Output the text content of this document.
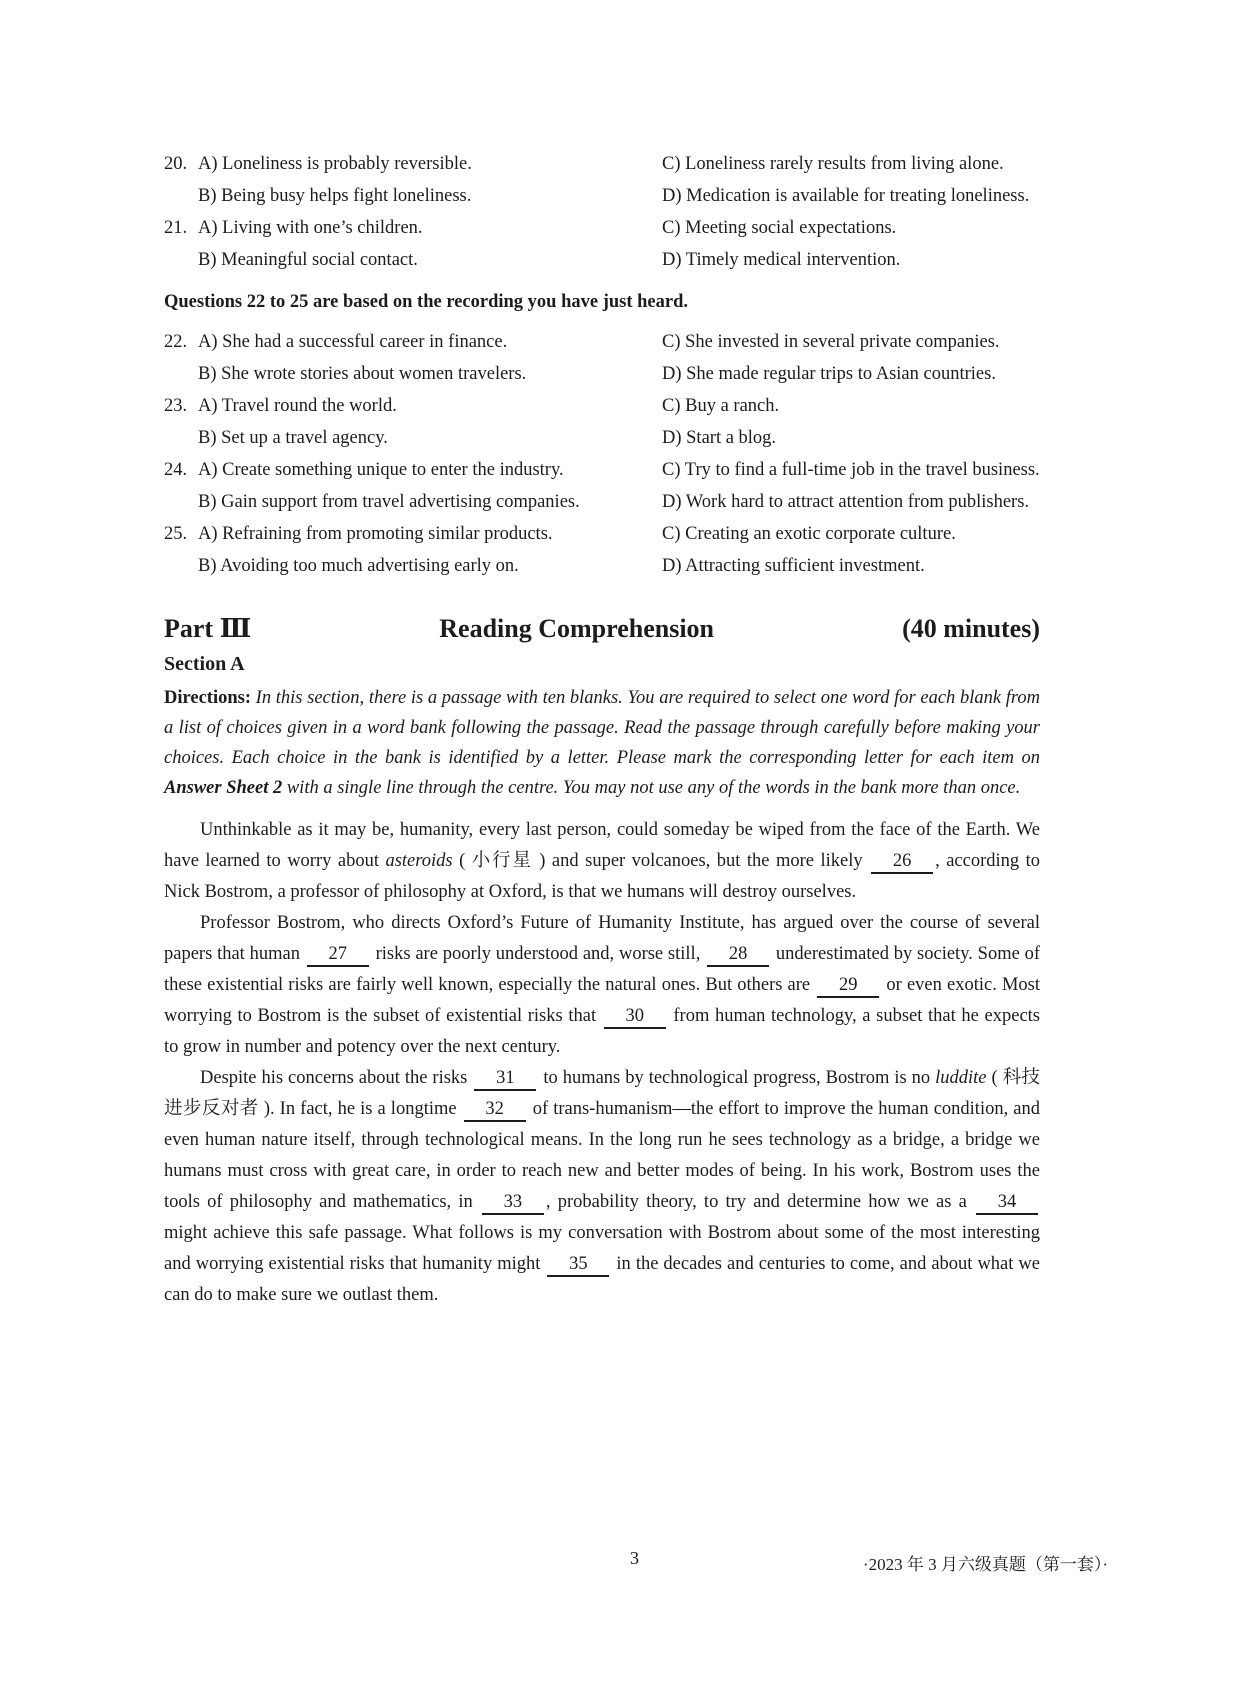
20. A) Loneliness is probably reversible.	C) Loneliness rarely results from living alone.
B) Being busy helps fight loneliness.	D) Medication is available for treating loneliness.
21. A) Living with one’s children.	C) Meeting social expectations.
B) Meaningful social contact.	D) Timely medical intervention.

Questions 22 to 25 are based on the recording you have just heard.

22. A) She had a successful career in finance.	C) She invested in several private companies.
B) She wrote stories about women travelers.	D) She made regular trips to Asian countries.
23. A) Travel round the world.	C) Buy a ranch.
B) Set up a travel agency.	D) Start a blog.
24. A) Create something unique to enter the industry.	C) Try to find a full-time job in the travel business.
B) Gain support from travel advertising companies.	D) Work hard to attract attention from publishers.
25. A) Refraining from promoting similar products.	C) Creating an exotic corporate culture.
B) Avoiding too much advertising early on.	D) Attracting sufficient investment.
Part Ⅲ	Reading Comprehension	(40 minutes)
Section A

Directions: In this section, there is a passage with ten blanks. You are required to select one word for each blank from a list of choices given in a word bank following the passage. Read the passage through carefully before making your choices. Each choice in the bank is identified by a letter. Please mark the corresponding letter for each item on Answer Sheet 2 with a single line through the centre. You may not use any of the words in the bank more than once.

Unthinkable as it may be, humanity, every last person, could someday be wiped from the face of the Earth. We have learned to worry about asteroids ( 小行星 ) and super volcanoes, but the more likely 26 , according to Nick Bostrom, a professor of philosophy at Oxford, is that we humans will destroy ourselves.

Professor Bostrom, who directs Oxford’s Future of Humanity Institute, has argued over the course of several papers that human 27 risks are poorly understood and, worse still, 28 underestimated by society. Some of these existential risks are fairly well known, especially the natural ones. But others are 29 or even exotic. Most worrying to Bostrom is the subset of existential risks that 30 from human technology, a subset that he expects to grow in number and potency over the next century.

Despite his concerns about the risks 31 to humans by technological progress, Bostrom is no luddite ( 科技进步反对者 ). In fact, he is a longtime 32 of trans-humanism—the effort to improve the human condition, and even human nature itself, through technological means. In the long run he sees technology as a bridge, a bridge we humans must cross with great care, in order to reach new and better modes of being. In his work, Bostrom uses the tools of philosophy and mathematics, in 33 , probability theory, to try and determine how we as a 34 might achieve this safe passage. What follows is my conversation with Bostrom about some of the most interesting and worrying existential risks that humanity might 35 in the decades and centuries to come, and about what we can do to make sure we outlast them.

3	·2023 年 3 月六级真题（第一套）·
